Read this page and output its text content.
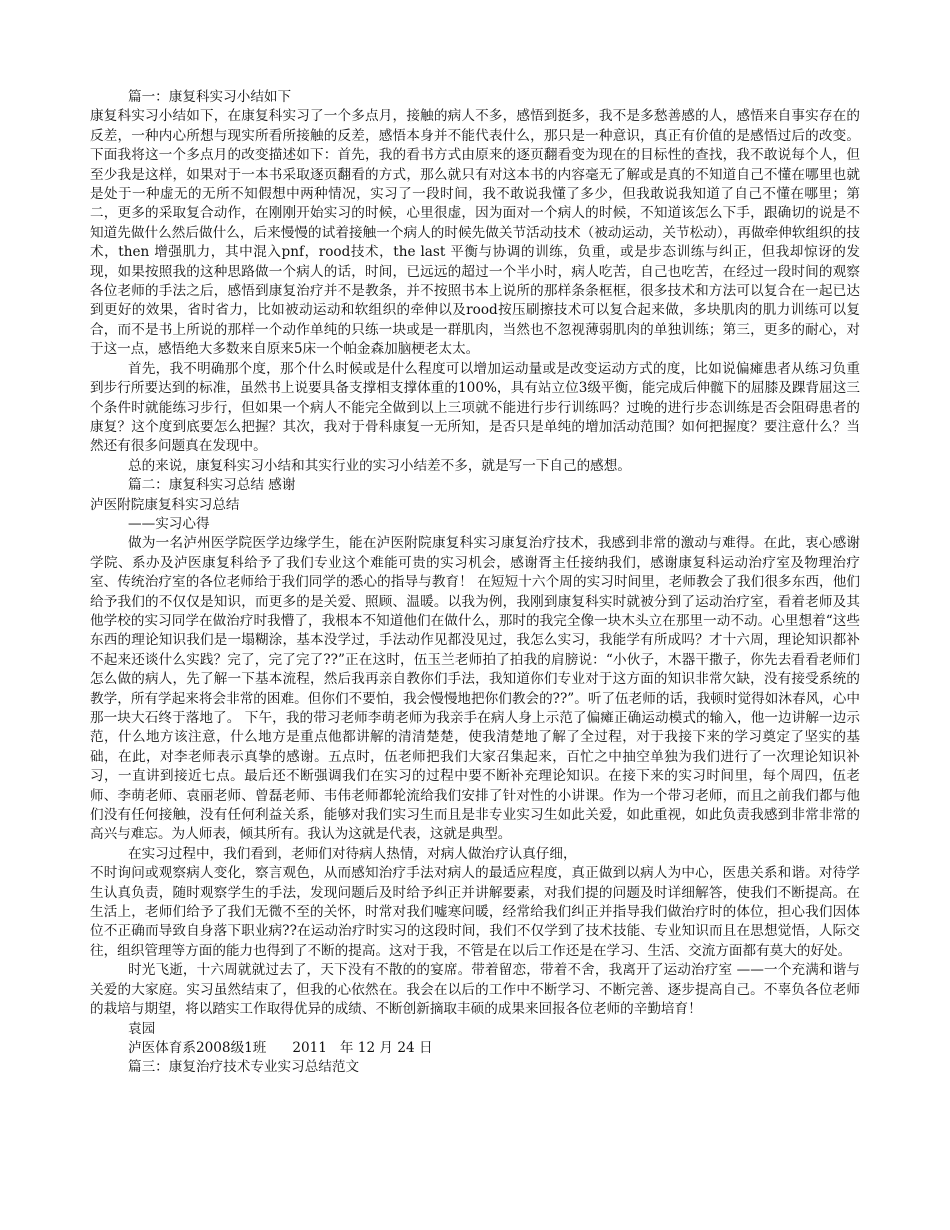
篇一：康复科实习小结如下
康复科实习小结如下，在康复科实习了一个多点月，接触的病人不多，感悟到挺多，我不是多愁善感的人，感悟来自事实存在的反差，一种内心所想与现实所看所接触的反差，感悟本身并不能代表什么，那只是一种意识，真正有价值的是感悟过后的改变。下面我将这一个多点月的改变描述如下：首先，我的看书方式由原来的逐页翻看变为现在的目标性的查找，我不敢说每个人，但至少我是这样，如果对于一本书采取逐页翻看的方式，那么就只有对这本书的内容毫无了解或是真的不知道自己不懂在哪里也就是处于一种虚无的无所不知假想中两种情况，实习了一段时间，我不敢说我懂了多少，但我敢说我知道了自己不懂在哪里；第二，更多的采取复合动作，在刚刚开始实习的时候，心里很虚，因为面对一个病人的时候，不知道该怎么下手，跟确切的说是不知道先做什么然后做什么，后来慢慢的试着接触一个病人的时候先做关节活动技术（被动运动，关节松动），再做牵伸软组织的技术，then 增强肌力，其中混入pnf，rood技术，the last 平衡与协调的训练，负重，或是步态训练与纠正，但我却惊讶的发现，如果按照我的这种思路做一个病人的话，时间，已远远的超过一个半小时，病人吃苦，自己也吃苦，在经过一段时间的观察各位老师的手法之后，感悟到康复治疗并不是教条，并不按照书本上说所的那样条条框框，很多技术和方法可以复合在一起已达到更好的效果，省时省力，比如被动运动和软组织的牵伸以及rood按压刷擦技术可以复合起来做，多块肌肉的肌力训练可以复合，而不是书上所说的那样一个动作单纯的只练一块或是一群肌肉，当然也不忽视薄弱肌肉的单独训练；第三，更多的耐心，对于这一点，感悟绝大多数来自原来5床一个帕金森加脑梗老太太。
首先，我不明确那个度，那个什么时候或是什么程度可以增加运动量或是改变运动方式的度，比如说偏瘫患者从练习负重到步行所要达到的标准，虽然书上说要具备支撑相支撑体重的100%，具有站立位3级平衡，能完成后伸髋下的屈膝及踝背屈这三个条件时就能练习步行，但如果一个病人不能完全做到以上三项就不能进行步行训练吗？过晚的进行步态训练是否会阻碍患者的康复？这个度到底要怎么把握？其次，我对于骨科康复一无所知，是否只是单纯的增加活动范围？如何把握度？要注意什么？当然还有很多问题真在发现中。
总的来说，康复科实习小结和其实行业的实习小结差不多，就是写一下自己的感想。
篇二：康复科实习总结 感谢
泸医附院康复科实习总结
——实习心得
做为一名泸州医学院医学边缘学生，能在泸医附院康复科实习康复治疗技术，我感到非常的激动与难得。在此，衷心感谢学院、系办及泸医康复科给予了我们专业这个难能可贵的实习机会，感谢胥主任接纳我们，感谢康复科运动治疗室及物理治疗室、传统治疗室的各位老师给于我们同学的悉心的指导与教育！ 在短短十六个周的实习时间里，老师教会了我们很多东西，他们给予我们的不仅仅是知识，而更多的是关爱、照顾、温暖。以我为例，我刚到康复科实时就被分到了运动治疗室，看着老师及其他学校的实习同学在做治疗时我懵了，我根本不知道他们在做什么，那时的我完全像一块木头立在那里一动不动。心里想着“这些东西的理论知识我们是一塌糊涂，基本没学过，手法动作见都没见过，我怎么实习，我能学有所成吗？才十六周，理论知识都补不起来还谈什么实践？完了，完了完了??”正在这时，伍玉兰老师拍了拍我的肩膀说：“小伙子，木器干撒子，你先去看看老师们怎么做的病人，先了解一下基本流程，然后我再亲自教你们手法，我知道你们专业对于这方面的知识非常欠缺，没有接受系统的教学，所有学起来将会非常的困难。但你们不要怕，我会慢慢地把你们教会的??”。听了伍老师的话，我顿时觉得如沐春风，心中那一块大石终于落地了。 下午，我的带习老师李萌老师为我亲手在病人身上示范了偏瘫正确运动模式的输入，他一边讲解一边示范，什么地方该注意，什么地方是重点他都讲解的清清楚楚，使我清楚地了解了全过程，对于我接下来的学习奠定了坚实的基础，在此，对李老师表示真挚的感谢。五点时，伍老师把我们大家召集起来，百忙之中抽空单独为我们进行了一次理论知识补习，一直讲到接近七点。最后还不断强调我们在实习的过程中要不断补充理论知识。在接下来的实习时间里，每个周四，伍老师、李萌老师、袁丽老师、曾磊老师、韦伟老师都轮流给我们安排了针对性的小讲课。作为一个带习老师，而且之前我们都与他们没有任何接触，没有任何利益关系，能够对我们实习生而且是非专业实习生如此关爱，如此重视，如此负责我感到非常非常的高兴与难忘。为人师表，倾其所有。我认为这就是代表，这就是典型。
在实习过程中，我们看到，老师们对待病人热情，对病人做治疗认真仔细，
不时询问或观察病人变化，察言观色，从而感知治疗手法对病人的最适应程度，真正做到以病人为中心，医患关系和谐。对待学生认真负责，随时观察学生的手法，发现问题后及时给予纠正并讲解要素，对我们提的问题及时详细解答，使我们不断提高。在生活上，老师们给予了我们无微不至的关怀，时常对我们嘘寒问暖，经常给我们纠正并指导我们做治疗时的体位，担心我们因体位不正确而导致自身落下职业病??在运动治疗时实习的这段时间，我们不仅学到了技术技能、专业知识而且在思想觉悟，人际交往，组织管理等方面的能力也得到了不断的提高。这对于我，不管是在以后工作还是在学习、生活、交流方面都有莫大的好处。
时光飞逝，十六周就就过去了，天下没有不散的的宴席。带着留恋，带着不舍，我离开了运动治疗室 ——一个充满和谐与关爱的大家庭。实习虽然结束了，但我的心依然在。我会在以后的工作中不断学习、不断完善、逐步提高自己。不辜负各位老师的栽培与期望，将以踏实工作取得优异的成绩、不断创新摘取丰硕的成果来回报各位老师的辛勤培育！
袁园
泸医体育系2008级1班      2011   年 12 月 24 日
篇三：康复治疗技术专业实习总结范文
